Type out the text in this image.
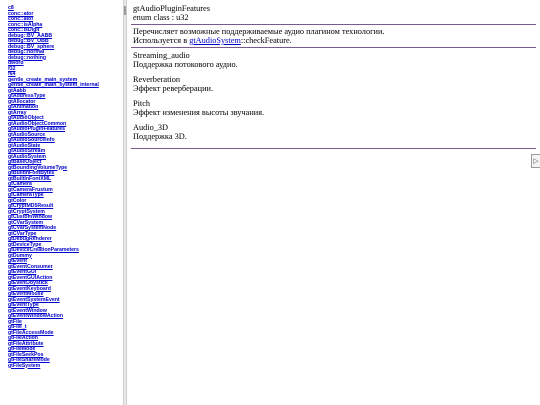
c8
conc::ator
conc::atof
conc::isAlpha
conc::isDigit
debug::BV_AABB
debug::BV_OBB
debug::BV_sphere
debug::normal
debug::nothing
dword
f32
f64
gentle_create_main_system
gentle_create_main_system_internal
gtAabb
gtAddressType
gtAllocator
gtAnimation
gtArray
gtAudioObject
gtAudioObjectCommon
gtAudioPluginFeatures
gtAudioSource
gtAudioSourceInfo
gtAudioState
gtAudioStream
gtAudioSystem
gtBaseObject
gtBoundingVolumeType
gtBuiltInFontBytes
gtBuiltInFontXML
gtCamera
gtCameraFrustum
gtCameraType
gtColor
gtCryptMD5Result
gtCryptSystem
gtCustomWindow
gtCVarSystem
gtCVarSystemNode
gtCVarType
gtDebugRenderer
gtDeviceType
gtDeviceCreationParameters
gtDummy
gtEvent
gtEventConsumer
gtEventGUI
gtEventGUIAction
gtEventJoystick
gtEventKeyboard
gtEventMouse
gtEventSystemEvent
gtEventType
gtEventWindow
gtEventWindowAction
gtFile
gtFile_t
gtFileAccessMode
gtFileAction
gtFileAttribute
gtFileMode
gtFileSeekPos
gtFileShareMode
gtFileSystem

gtAudioPluginFeatures

enum class : u32

Перечисляет возможные поддерживаемые аудио плагином технологии.

Используется в gtAudioSystem::checkFeature.

Streaming_audio

Поддержка потокового аудио.

Reverberation

Эффект реверберации.

Pitch

Эффект изменения высоты звучания.

Audio_3D

Поддержка 3D.

▷
